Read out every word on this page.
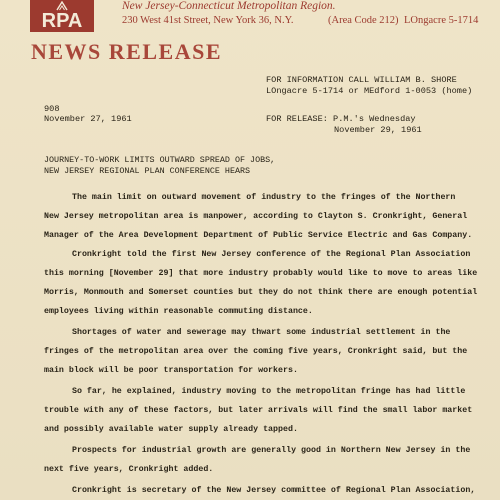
RPA
New Jersey-Connecticut Metropolitan Region.
230 West 41st Street, New York 36, N.Y.	(Area Code 212) LOngacre 5-1714
NEWS RELEASE
FOR INFORMATION CALL WILLIAM B. SHORE
LOngacre 5-1714 or MEdford 1-0053 (home)
908
November 27, 1961	FOR RELEASE: P.M.'s Wednesday
November 29, 1961
JOURNEY-TO-WORK LIMITS OUTWARD SPREAD OF JOBS,
NEW JERSEY REGIONAL PLAN CONFERENCE HEARS
The main limit on outward movement of industry to the fringes of the Northern
New Jersey metropolitan area is manpower, according to Clayton S. Cronkright, General
Manager of the Area Development Department of Public Service Electric and Gas Company.
Cronkright told the first New Jersey conference of the Regional Plan Association
this morning [November 29] that more industry probably would like to move to areas like
Morris, Monmouth and Somerset counties but they do not think there are enough potential
employees living within reasonable commuting distance.
Shortages of water and sewerage may thwart some industrial settlement in the
fringes of the metropolitan area over the coming five years, Cronkright said, but the
main block will be poor transportation for workers.
So far, he explained, industry moving to the metropolitan fringe has had little
trouble with any of these factors, but later arrivals will find the small labor market
and possibly available water supply already tapped.
Prospects for industrial growth are generally good in Northern New Jersey in the
next five years, Cronkright added.
Cronkright is secretary of the New Jersey committee of Regional Plan Association,
